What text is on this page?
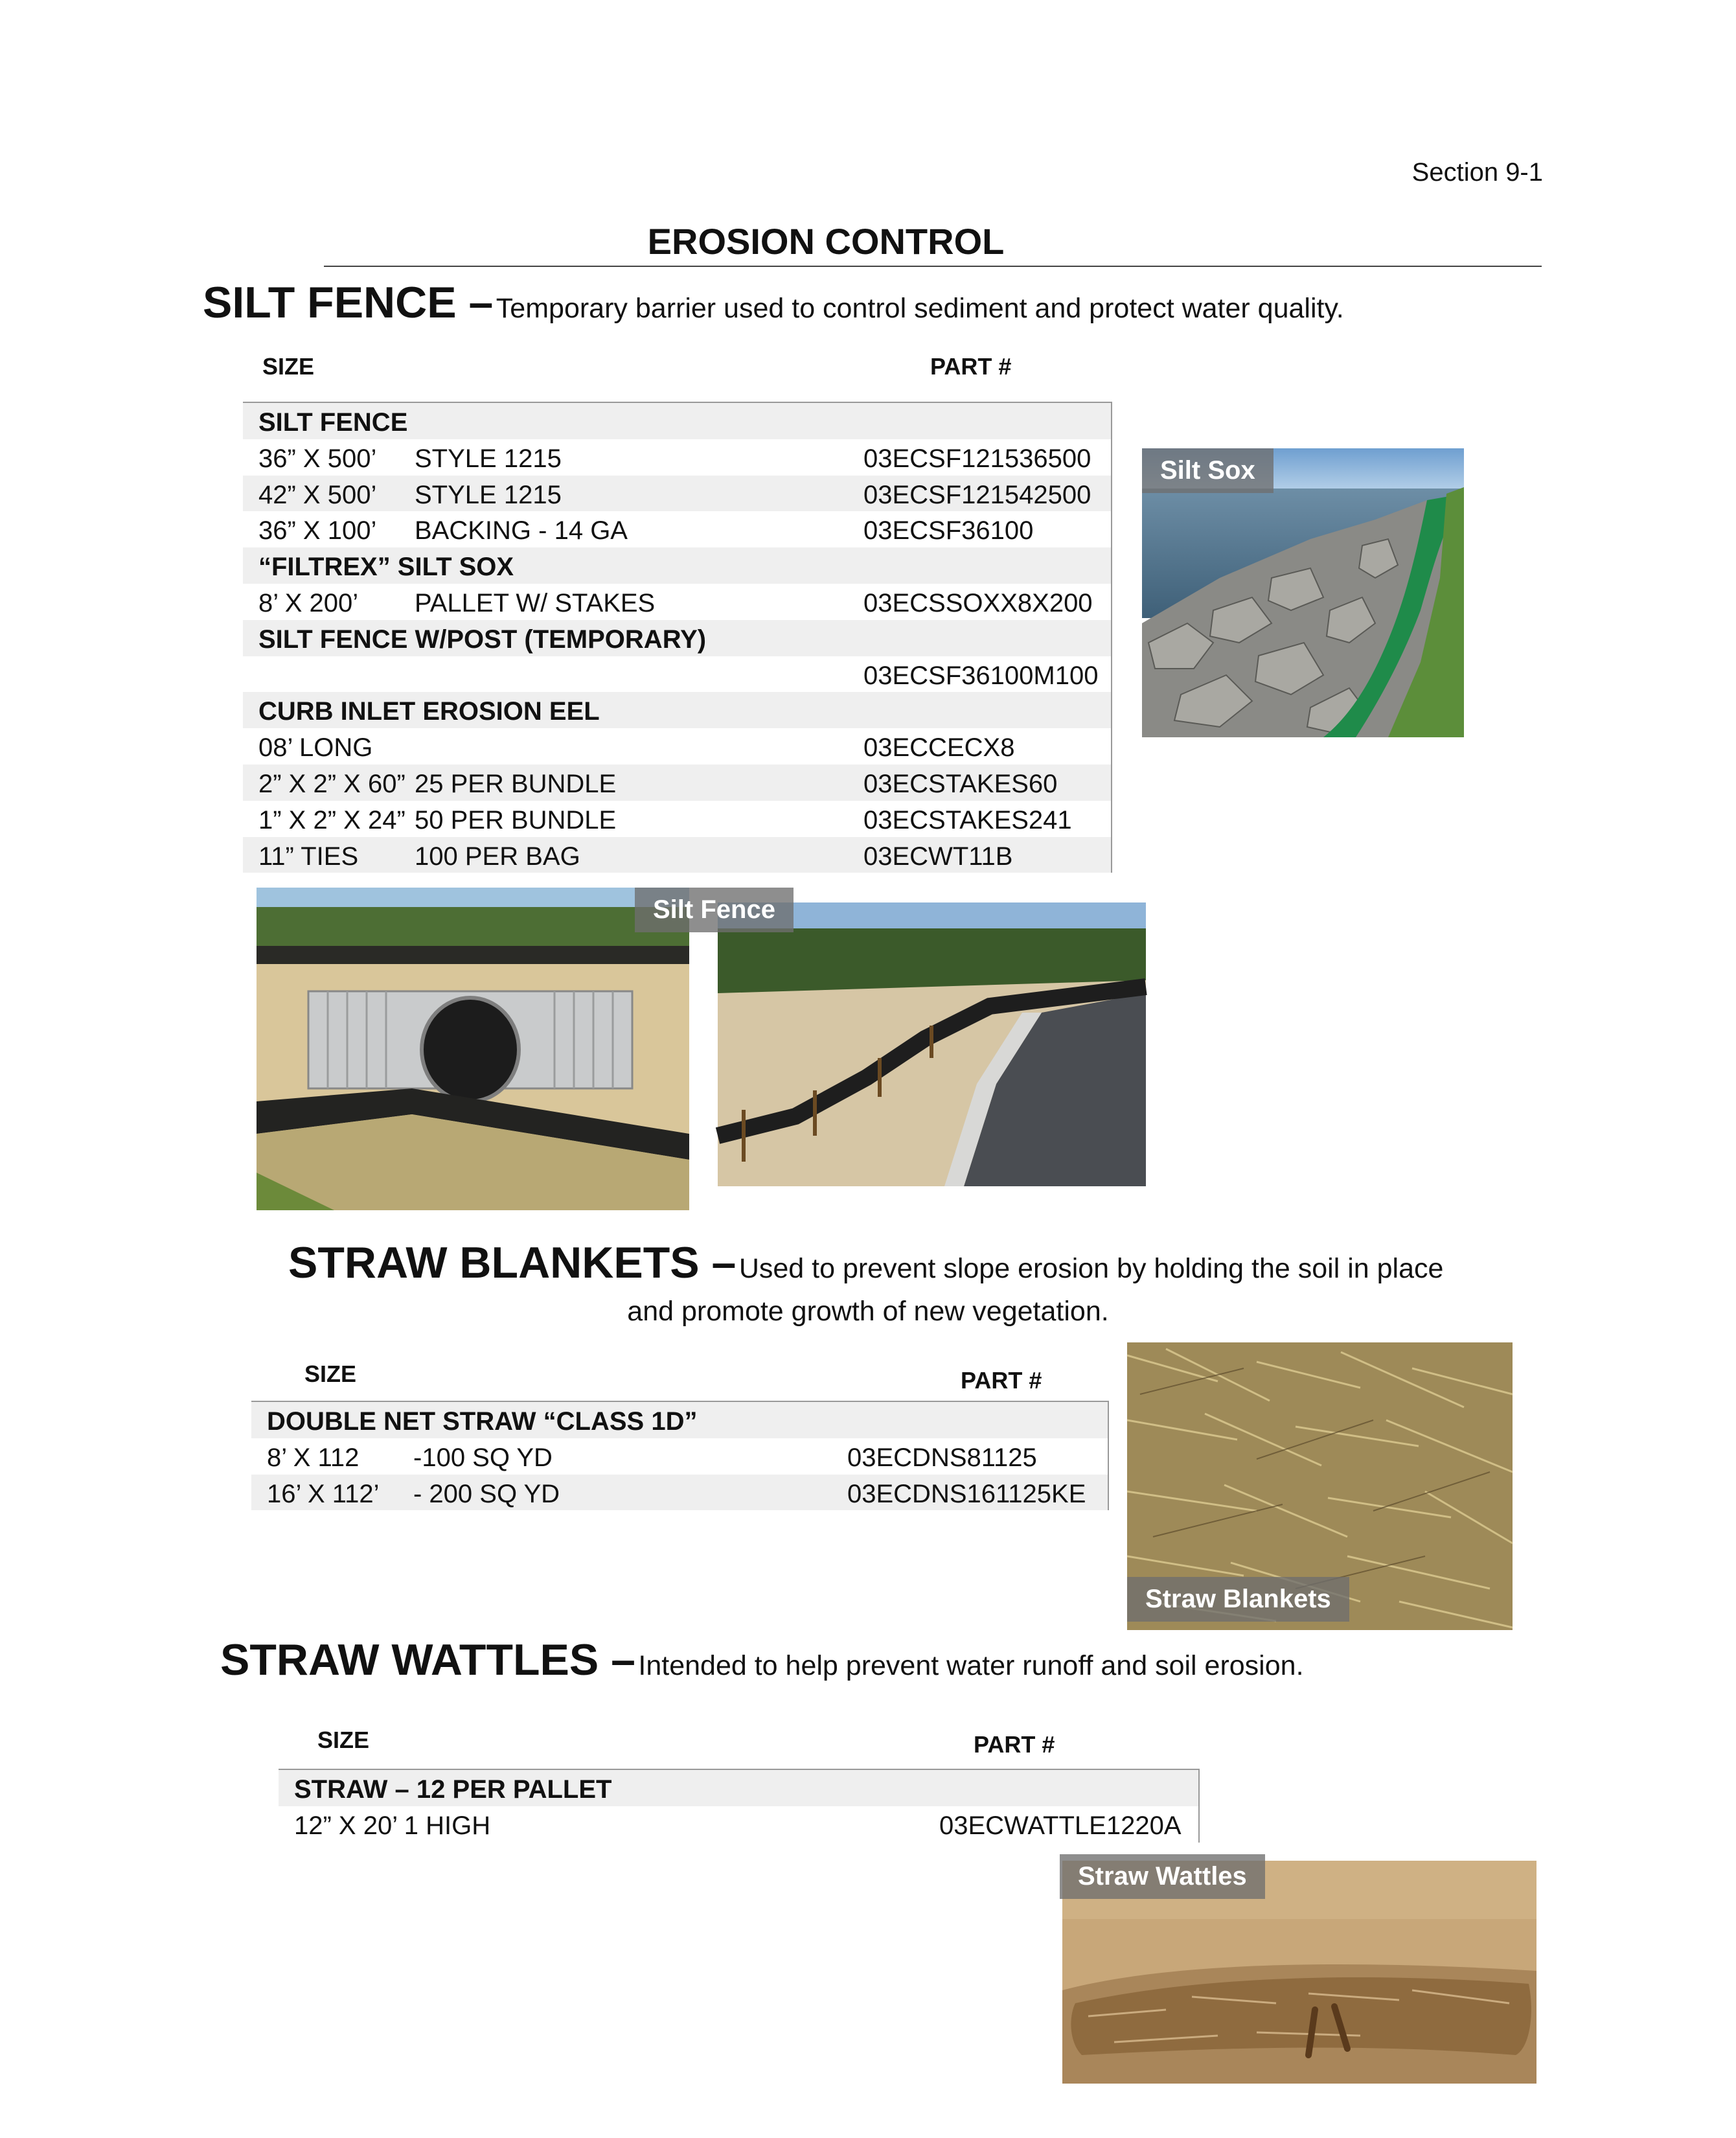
Section 9-1
EROSION CONTROL
SILT FENCE – Temporary barrier used to control sediment and protect water quality.
SIZE	PART #
SILT FENCE
36” X 500’ STYLE 1215	03ECSF121536500
42” X 500’ STYLE 1215	03ECSF121542500
36” X 100’ BACKING - 14 GA	03ECSF36100
“FILTREX” SILT SOX
8’ X 200’ PALLET W/ STAKES	03ECSSOXX8X200
SILT FENCE W/POST (TEMPORARY)
03ECSF36100M100
CURB INLET EROSION EEL
08’ LONG	03ECCECX8
2” X 2” X 60” 25 PER BUNDLE	03ECSTAKES60
1” X 2” X 24” 50 PER BUNDLE	03ECSTAKES241
11” TIES 100 PER BAG	03ECWT11B
Silt Sox
Silt Fence
STRAW BLANKETS – Used to prevent slope erosion by holding the soil in place
and promote growth of new vegetation.
SIZE	PART #
DOUBLE NET STRAW “CLASS 1D”
8’ X 112 -100 SQ YD	03ECDNS81125
16’ X 112’ - 200 SQ YD	03ECDNS161125KE
Straw Blankets
STRAW WATTLES – Intended to help prevent water runoff and soil erosion.
SIZE	PART #
STRAW – 12 PER PALLET
12” X 20’ 1 HIGH	03ECWATTLE1220A
Straw Wattles
